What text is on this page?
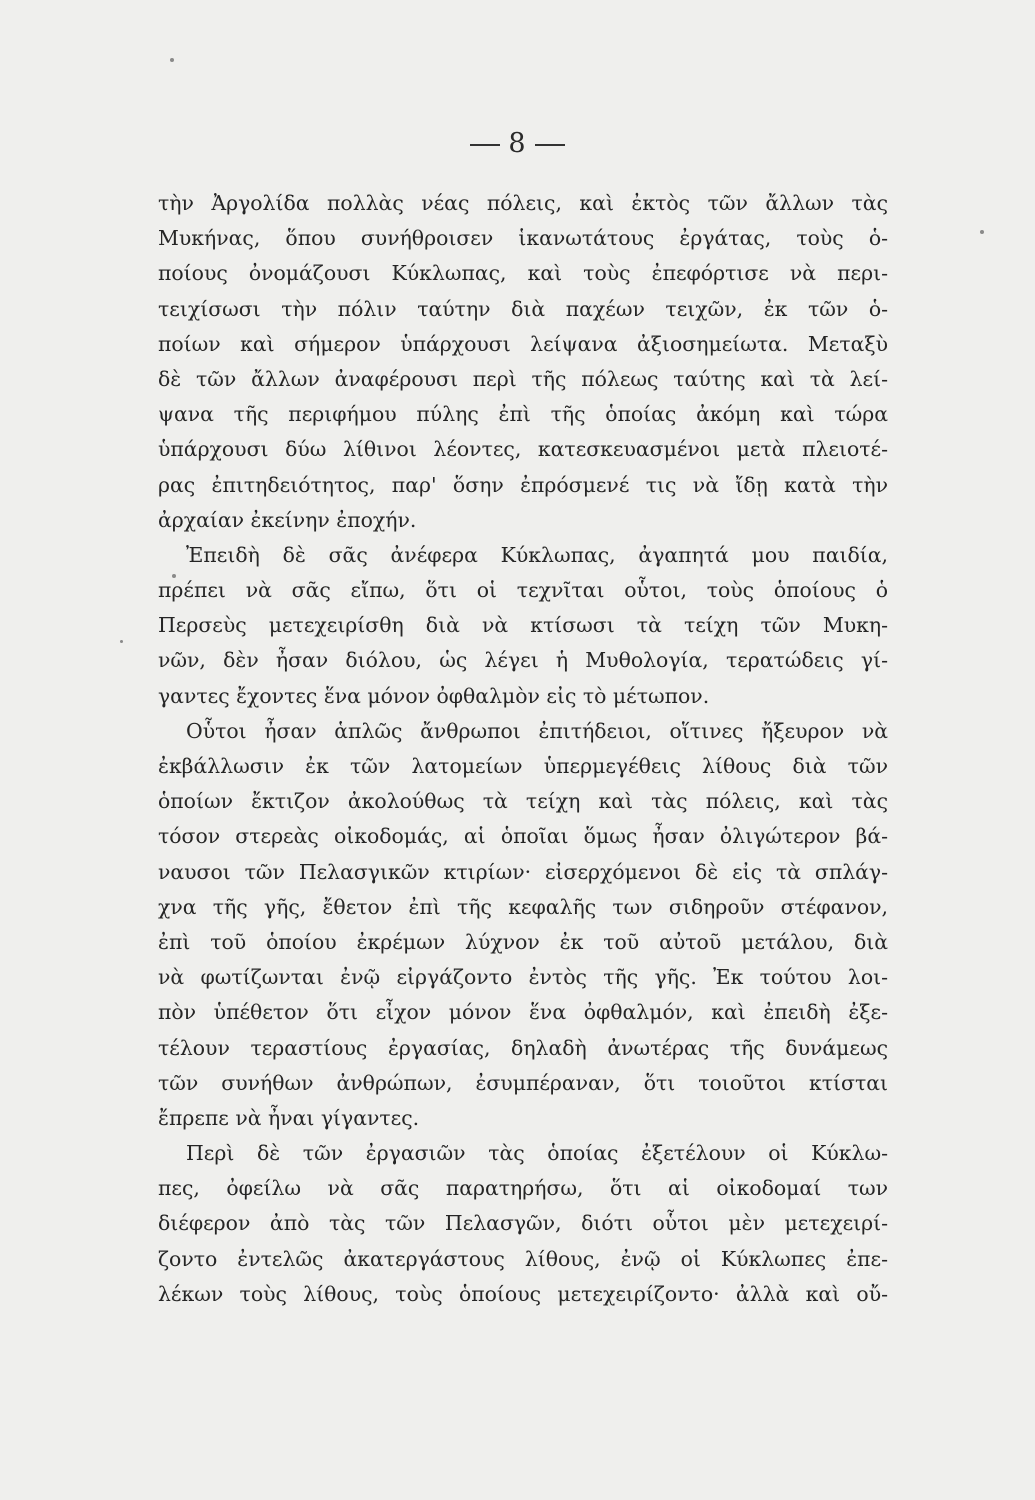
8
τὴν Ἀργολίδα πολλὰς νέας πόλεις, καὶ ἐκτὸς τῶν ἄλλων τὰς
Μυκήνας, ὅπου συνήθροισεν ἱκανωτάτους ἐργάτας, τοὺς ὁ-
ποίους ὀνομάζουσι Κύκλωπας, καὶ τοὺς ἐπεφόρτισε νὰ περι-
τειχίσωσι τὴν πόλιν ταύτην διὰ παχέων τειχῶν, ἐκ τῶν ὁ-
ποίων καὶ σήμερον ὑπάρχουσι λείψανα ἀξιοσημείωτα. Μεταξὺ
δὲ τῶν ἄλλων ἀναφέρουσι περὶ τῆς πόλεως ταύτης καὶ τὰ λεί-
ψανα τῆς περιφήμου πύλης ἐπὶ τῆς ὁποίας ἀκόμη καὶ τώρα
ὑπάρχουσι δύω λίθινοι λέοντες, κατεσκευασμένοι μετὰ πλειοτέ-
ρας ἐπιτηδειότητος, παρ' ὅσην ἐπρόσμενέ τις νὰ ἴδῃ κατὰ τὴν
ἀρχαίαν ἐκείνην ἐποχήν.
Ἐπειδὴ δὲ σᾶς ἀνέφερα Κύκλωπας, ἀγαπητά μου παιδία,
πρέπει νὰ σᾶς εἴπω, ὅτι οἱ τεχνῖται οὗτοι, τοὺς ὁποίους ὁ
Περσεὺς μετεχειρίσθη διὰ νὰ κτίσωσι τὰ τείχη τῶν Μυκη-
νῶν, δὲν ἦσαν διόλου, ὡς λέγει ἡ Μυθολογία, τερατώδεις γί-
γαντες ἔχοντες ἕνα μόνον ὀφθαλμὸν εἰς τὸ μέτωπον.
Οὗτοι ἦσαν ἁπλῶς ἄνθρωποι ἐπιτήδειοι, οἵτινες ἤξευρον νὰ
ἐκβάλλωσιν ἐκ τῶν λατομείων ὑπερμεγέθεις λίθους διὰ τῶν
ὁποίων ἔκτιζον ἀκολούθως τὰ τείχη καὶ τὰς πόλεις, καὶ τὰς
τόσον στερεὰς οἰκοδομάς, αἱ ὁποῖαι ὅμως ἦσαν ὀλιγώτερον βά-
ναυσοι τῶν Πελασγικῶν κτιρίων· εἰσερχόμενοι δὲ εἰς τὰ σπλάγ-
χνα τῆς γῆς, ἔθετον ἐπὶ τῆς κεφαλῆς των σιδηροῦν στέφανον,
ἐπὶ τοῦ ὁποίου ἐκρέμων λύχνον ἐκ τοῦ αὐτοῦ μετάλου, διὰ
νὰ φωτίζωνται ἐνῷ εἰργάζοντο ἐντὸς τῆς γῆς. Ἐκ τούτου λοι-
πὸν ὑπέθετον ὅτι εἶχον μόνον ἕνα ὀφθαλμόν, καὶ ἐπειδὴ ἐξε-
τέλουν τεραστίους ἐργασίας, δηλαδὴ ἀνωτέρας τῆς δυνάμεως
τῶν συνήθων ἀνθρώπων, ἐσυμπέραναν, ὅτι τοιοῦτοι κτίσται
ἔπρεπε νὰ ἦναι γίγαντες.
Περὶ δὲ τῶν ἐργασιῶν τὰς ὁποίας ἐξετέλουν οἱ Κύκλω-
πες, ὀφείλω νὰ σᾶς παρατηρήσω, ὅτι αἱ οἰκοδομαί των
διέφερον ἀπὸ τὰς τῶν Πελασγῶν, διότι οὗτοι μὲν μετεχειρί-
ζοντο ἐντελῶς ἀκατεργάστους λίθους, ἐνῷ οἱ Κύκλωπες ἐπε-
λέκων τοὺς λίθους, τοὺς ὁποίους μετεχειρίζοντο· ἀλλὰ καὶ οὔ-
